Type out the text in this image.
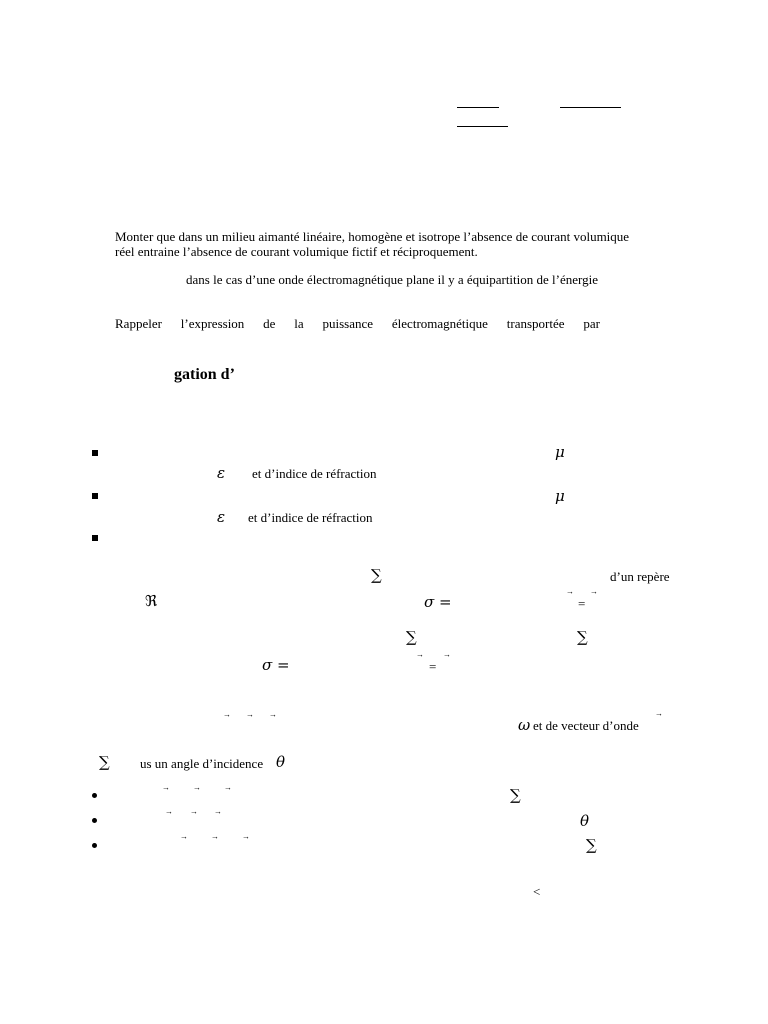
Monter que dans un milieu aimanté linéaire, homogène et isotrope l’absence de courant volumique
réel entraine l’absence de courant volumique fictif et réciproquement.
dans le cas d’une onde électromagnétique plane il y a équipartition de l’énergie
Rappeler l’expression de la puissance électromagnétique transportée par
gation d’
μ
ε et d’indice de réfraction
μ
ε et d’indice de réfraction
∑	d’un repère
ℜ	σ =
→ →
=
∑	∑
σ =
→ →
=
→ → →
ω et de vecteur d’onde
→
∑ us un angle d’incidence θ
→	→	→	∑
→ → →
θ
→	→	→	∑
<
